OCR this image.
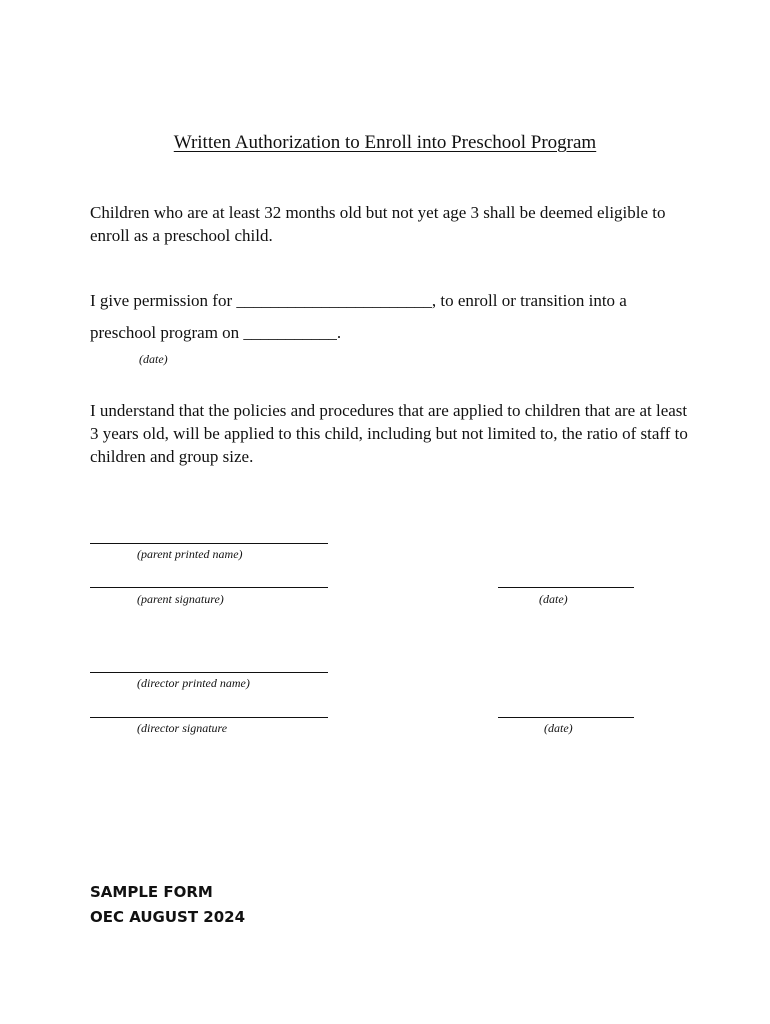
Written Authorization to Enroll into Preschool Program
Children who are at least 32 months old but not yet age 3 shall be deemed eligible to enroll as a preschool child.
I give permission for _______________________, to enroll or transition into a
preschool program on ___________.
(date)
I understand that the policies and procedures that are applied to children that are at least 3 years old, will be applied to this child, including but not limited to, the ratio of staff to children and group size.
(parent printed name)
(parent signature)	(date)
(director printed name)
(director signature	(date)
SAMPLE FORM
OEC AUGUST 2024
